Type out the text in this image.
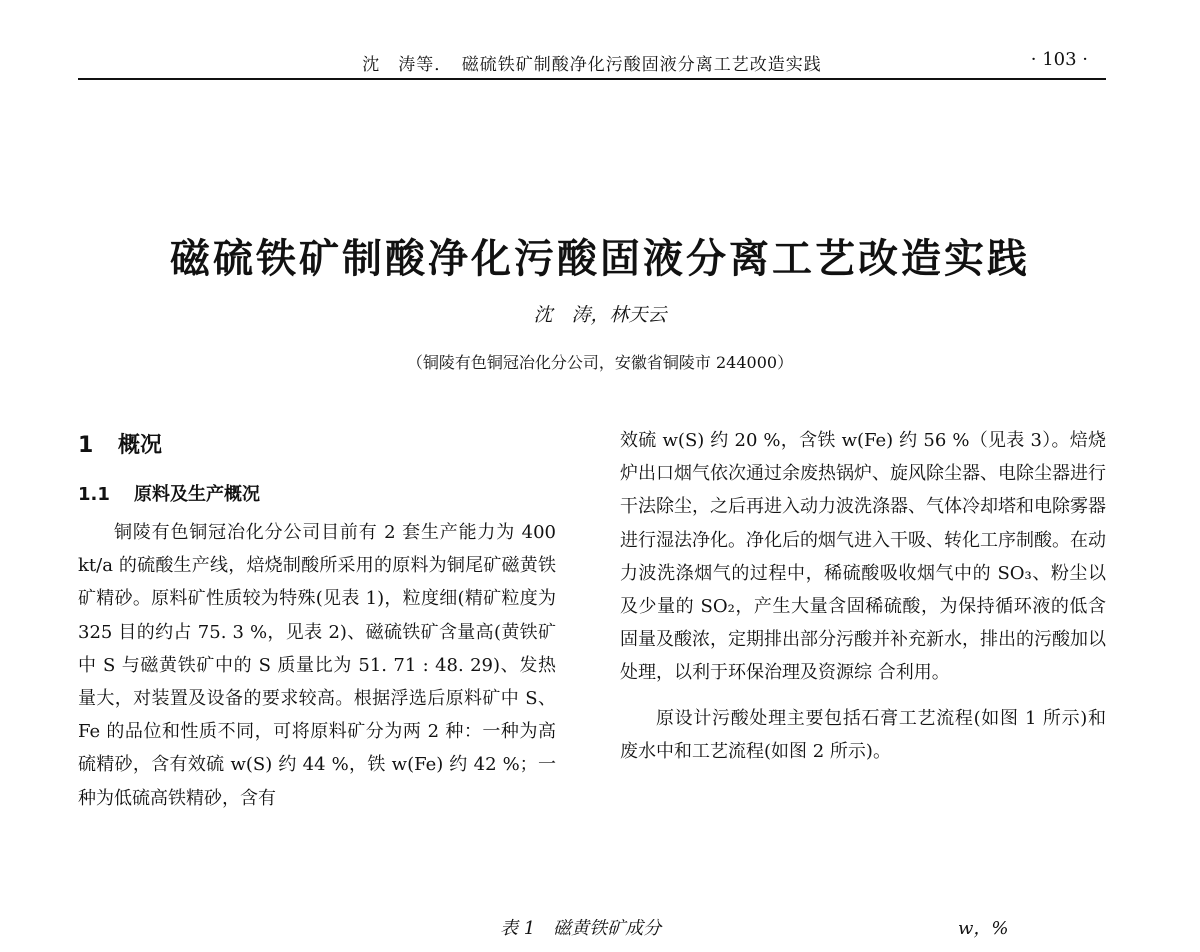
沈　涛等．　磁硫铁矿制酸净化污酸固液分离工艺改造实践	· 103 ·
磁硫铁矿制酸净化污酸固液分离工艺改造实践
沈　涛，林天云
（铜陵有色铜冠冶化分公司，安徽省铜陵市 244000）
1 概况
1.1 原料及生产概况

铜陵有色铜冠冶化分公司目前有 2 套生产能力为 400 kt/a 的硫酸生产线，焙烧制酸所采用的原料为铜尾矿磁黄铁矿精砂。原料矿性质较为特殊(见表 1)，粒度细(精矿粒度为 325 目的约占 75. 3 %，见表 2)、磁硫铁矿含量高(黄铁矿中 S 与磁黄铁矿中的 S 质量比为 51. 71 : 48. 29)、发热量大，对装置及设备的要求较高。根据浮选后原料矿中 S、Fe 的品位和性质不同，可将原料矿分为两 2 种：一种为高硫精砂，含有效硫 w(S) 约 44 %，铁 w(Fe) 约 42 %；一种为低硫高铁精砂，含有

效硫 w(S) 约 20 %，含铁 w(Fe) 约 56 %（见表 3）。焙烧炉出口烟气依次通过余废热锅炉、旋风除尘器、电除尘器进行干法除尘，之后再进入动力波洗涤器、气体冷却塔和电除雾器进行湿法净化。净化后的烟气进入干吸、转化工序制酸。在动力波洗涤烟气的过程中，稀硫酸吸收烟气中的 SO₃、粉尘以及少量的 SO₂，产生大量含固稀硫酸，为保持循环液的低含固量及酸浓，定期排出部分污酸并补充新水，排出的污酸加以处理，以利于环保治理及资源综 合利用。

原设计污酸处理主要包括石膏工艺流程(如图 1 所示)和废水中和工艺流程(如图 2 所示)。

表 1　磁黄铁矿成分	w，%
